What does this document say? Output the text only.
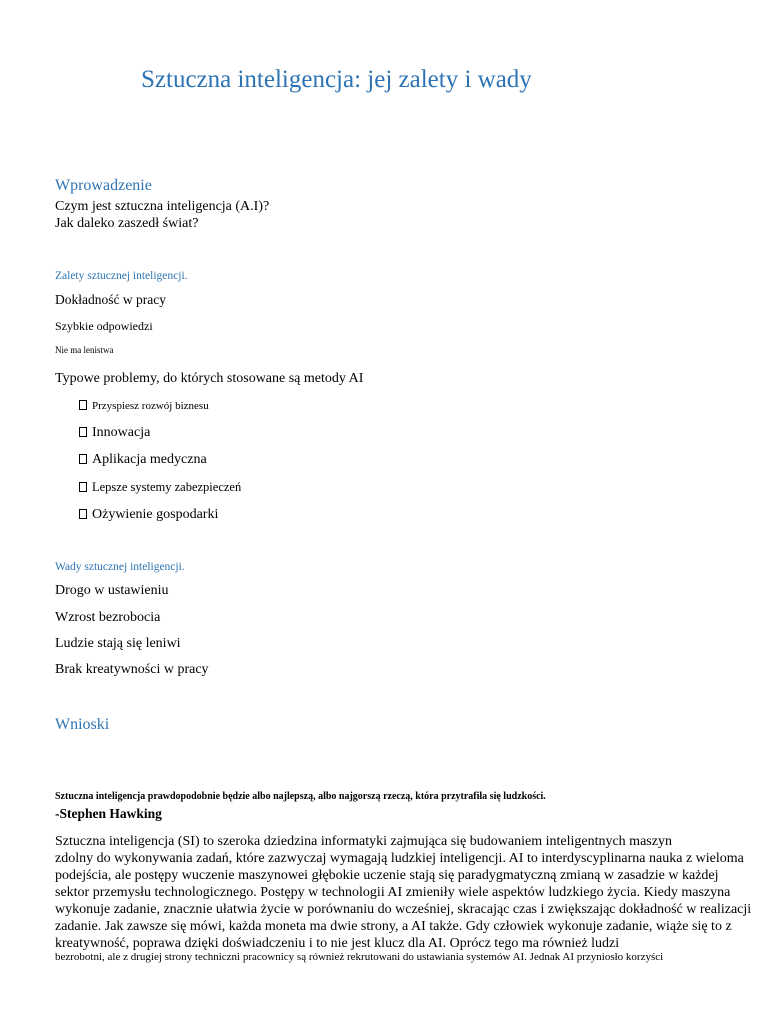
Sztuczna inteligencja: jej zalety i wady
Wprowadzenie
Czym jest sztuczna inteligencja (A.I)?
Jak daleko zaszedł świat?
Zalety sztucznej inteligencji.
Dokładność w pracy
Szybkie odpowiedzi
Nie ma lenistwa
Typowe problemy, do których stosowane są metody AI
Przyspiesz rozwój biznesu
Innowacja
Aplikacja medyczna
Lepsze systemy zabezpieczeń
Ożywienie gospodarki
Wady sztucznej inteligencji.
Drogo w ustawieniu
Wzrost bezrobocia
Ludzie stają się leniwi
Brak kreatywności w pracy
Wnioski
Sztuczna inteligencja prawdopodobnie będzie albo najlepszą, albo najgorszą rzeczą, która przytrafiła się ludzkości.
-Stephen Hawking
Sztuczna inteligencja (SI) to szeroka dziedzina informatyki zajmująca się budowaniem inteligentnych maszyn
zdolny do wykonywania zadań, które zazwyczaj wymagają ludzkiej inteligencji. AI to interdyscyplinarna nauka z wieloma
podejścia, ale postępy wuczenie maszynowei głębokie uczenie stają się paradygmatyczną zmianą w zasadzie w każdej
sektor przemysłu technologicznego. Postępy w technologii AI zmieniły wiele aspektów ludzkiego życia. Kiedy maszyna
wykonuje zadanie, znacznie ułatwia życie w porównaniu do wcześniej, skracając czas i zwiększając dokładność w realizacji
zadanie. Jak zawsze się mówi, każda moneta ma dwie strony, a AI także. Gdy człowiek wykonuje zadanie, wiąże się to z
kreatywność, poprawa dzięki doświadczeniu i to nie jest klucz dla AI. Oprócz tego ma również ludzi
bezrobotni, ale z drugiej strony techniczni pracownicy są również rekrutowani do ustawiania systemów AI. Jednak AI przyniosło korzyści
